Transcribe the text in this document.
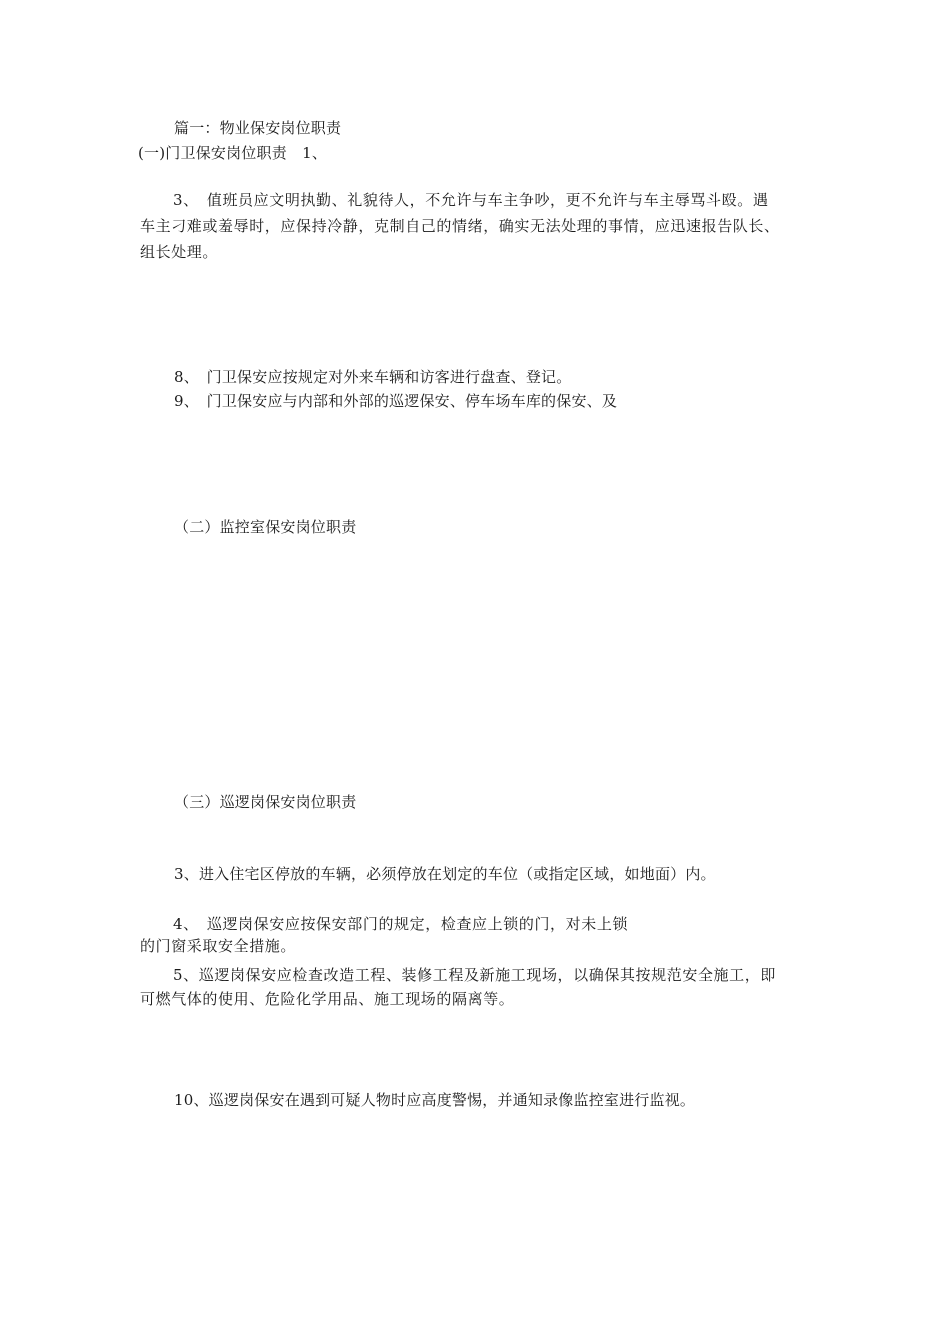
篇一：物业保安岗位职责
(一)门卫保安岗位职责　1、
3、　值班员应文明执勤、礼貌待人，不允许与车主争吵，更不允许与车主辱骂斗殴。遇
车主刁难或羞辱时，应保持冷静，克制自己的情绪，确实无法处理的事情，应迅速报告队长、
组长处理。
8、　门卫保安应按规定对外来车辆和访客进行盘查、登记。
9、　门卫保安应与内部和外部的巡逻保安、停车场车库的保安、及
（二）监控室保安岗位职责
（三）巡逻岗保安岗位职责
3、进入住宅区停放的车辆，必须停放在划定的车位（或指定区域，如地面）内。
4、　巡逻岗保安应按保安部门的规定，检查应上锁的门，对未上锁
的门窗采取安全措施。
5、巡逻岗保安应检查改造工程、装修工程及新施工现场，以确保其按规范安全施工，即
可燃气体的使用、危险化学用品、施工现场的隔离等。
10、巡逻岗保安在遇到可疑人物时应高度警惕，并通知录像监控室进行监视。
